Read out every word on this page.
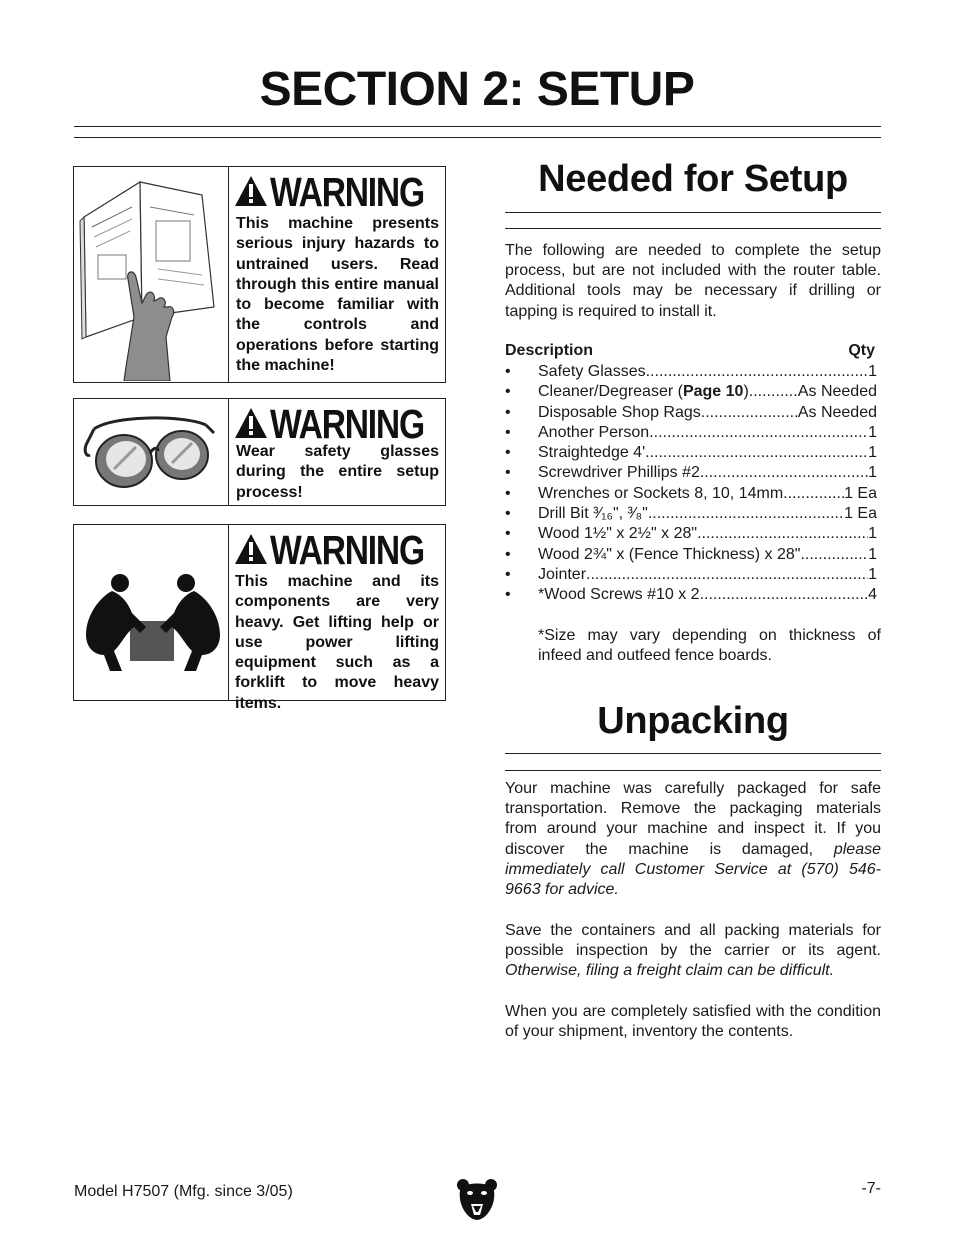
SECTION 2: SETUP
WARNING
This machine presents serious injury hazards to untrained users. Read through this entire manual to become familiar with the controls and operations before starting the machine!
WARNING
Wear safety glasses during the entire setup process!
WARNING
This machine and its components are very heavy. Get lifting help or use power lifting equipment such as a forklift to move heavy items.
Needed for Setup
The following are needed to complete the setup process, but are not included with the router table. Additional tools may be necessary if drilling or tapping is required to install it.
Description	Qty
• Safety Glasses .....	1
• Cleaner/Degreaser (Page 10) .....	As Needed
• Disposable Shop Rags .....	As Needed
• Another Person .....	1
• Straightedge 4' .....	1
• Screwdriver Phillips #2 .....	1
• Wrenches or Sockets 8, 10, 14mm .....	1 Ea
• Drill Bit ³⁄₁₆", ³⁄₈" .....	1 Ea
• Wood 1½" x 2½" x 28" .....	1
• Wood 2¾" x (Fence Thickness) x 28" .....	1
• Jointer .....	1
• *Wood Screws #10 x 2 .....	4
*Size may vary depending on thickness of infeed and outfeed fence boards.
Unpacking
Your machine was carefully packaged for safe transportation. Remove the packaging materials from around your machine and inspect it. If you discover the machine is damaged, please immediately call Customer Service at (570) 546-9663 for advice.
Save the containers and all packing materials for possible inspection by the carrier or its agent. Otherwise, filing a freight claim can be difficult.
When you are completely satisfied with the condition of your shipment, inventory the contents.
Model H7507 (Mfg. since 3/05)	-7-
